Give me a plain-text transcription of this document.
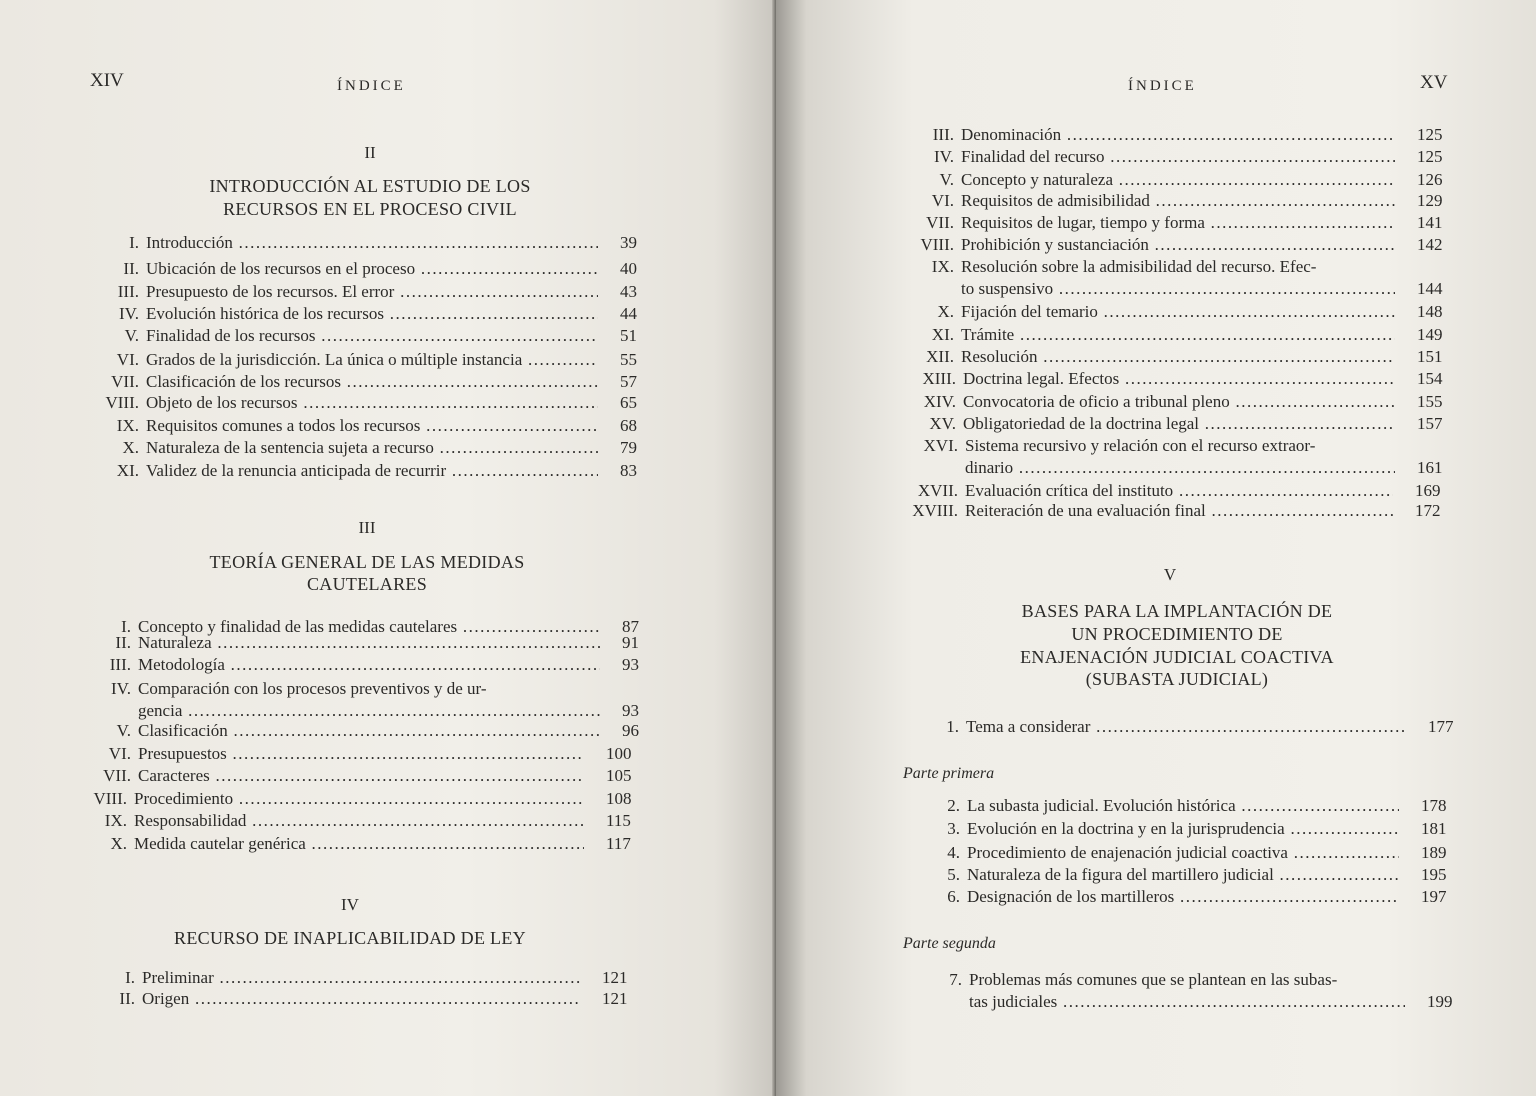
XIV	ÍNDICE
II
INTRODUCCIÓN AL ESTUDIO DE LOS
RECURSOS EN EL PROCESO CIVIL
I. Introducción .....	39
II. Ubicación de los recursos en el proceso .....	40
III. Presupuesto de los recursos. El error .....	43
IV. Evolución histórica de los recursos .....	44
V. Finalidad de los recursos .....	51
VI. Grados de la jurisdicción. La única o múltiple instancia .....	55
VII. Clasificación de los recursos .....	57
VIII. Objeto de los recursos .....	65
IX. Requisitos comunes a todos los recursos .....	68
X. Naturaleza de la sentencia sujeta a recurso .....	79
XI. Validez de la renuncia anticipada de recurrir .....	83
III
TEORÍA GENERAL DE LAS MEDIDAS
CAUTELARES
I. Concepto y finalidad de las medidas cautelares .....	87
II. Naturaleza .....	91
III. Metodología .....	93
IV. Comparación con los procesos preventivos y de ur-
gencia .....	93
V. Clasificación .....	96
VI. Presupuestos .....	100
VII. Caracteres .....	105
VIII. Procedimiento .....	108
IX. Responsabilidad .....	115
X. Medida cautelar genérica .....	117
IV
RECURSO DE INAPLICABILIDAD DE LEY
I. Preliminar .....	121
II. Origen .....	121
ÍNDICE	XV
III. Denominación .....	125
IV. Finalidad del recurso .....	125
V. Concepto y naturaleza .....	126
VI. Requisitos de admisibilidad .....	129
VII. Requisitos de lugar, tiempo y forma .....	141
VIII. Prohibición y sustanciación .....	142
IX. Resolución sobre la admisibilidad del recurso. Efec-
to suspensivo .....	144
X. Fijación del temario .....	148
XI. Trámite .....	149
XII. Resolución .....	151
XIII. Doctrina legal. Efectos .....	154
XIV. Convocatoria de oficio a tribunal pleno .....	155
XV. Obligatoriedad de la doctrina legal .....	157
XVI. Sistema recursivo y relación con el recurso extraor-
dinario .....	161
XVII. Evaluación crítica del instituto .....	169
XVIII. Reiteración de una evaluación final .....	172
V
BASES PARA LA IMPLANTACIÓN DE
UN PROCEDIMIENTO DE
ENAJENACIÓN JUDICIAL COACTIVA
(SUBASTA JUDICIAL)
1. Tema a considerar .....	177
Parte primera
2. La subasta judicial. Evolución histórica .....	178
3. Evolución en la doctrina y en la jurisprudencia .....	181
4. Procedimiento de enajenación judicial coactiva .....	189
5. Naturaleza de la figura del martillero judicial .....	195
6. Designación de los martilleros .....	197
Parte segunda
7. Problemas más comunes que se plantean en las subas-
tas judiciales .....	199
